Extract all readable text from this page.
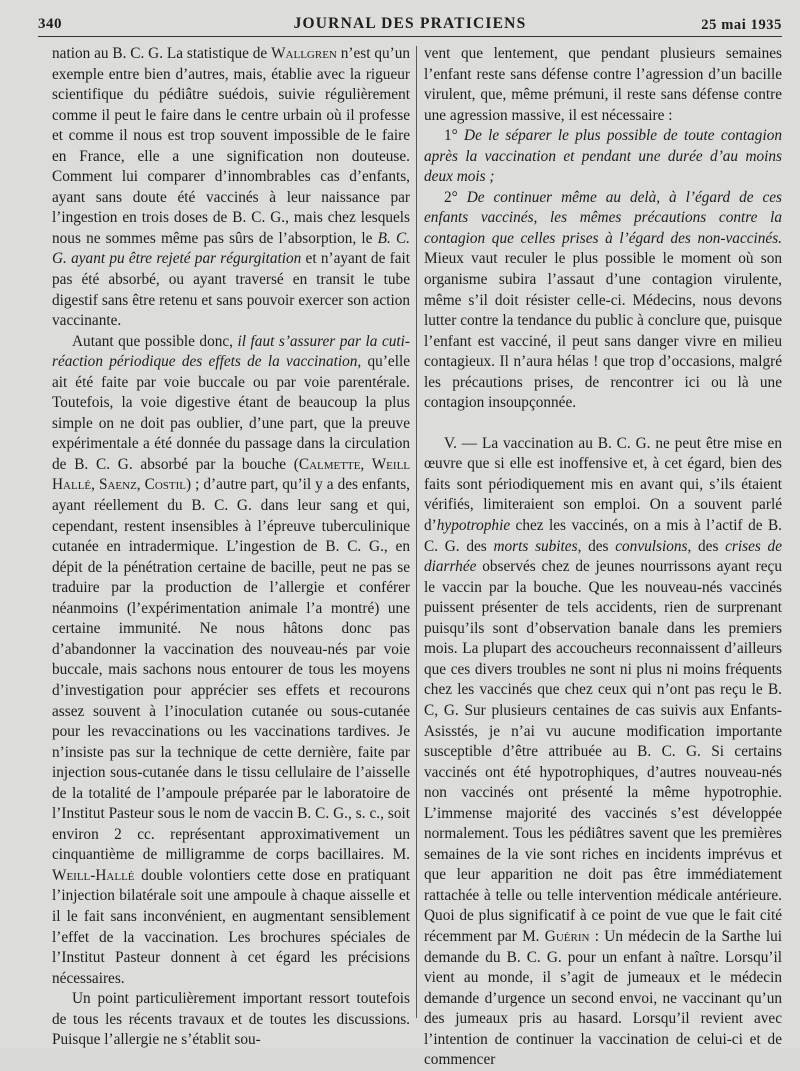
340	JOURNAL DES PRATICIENS	25 mai 1935

nation au B. C. G. La statistique de Wallgren n’est qu’un exemple entre bien d’autres, mais, établie avec la rigueur scientifique du pédiâtre suédois, suivie régulièrement comme il peut le faire dans le centre urbain où il professe et comme il nous est trop souvent impossible de le faire en France, elle a une signification non douteuse. Comment lui comparer d’innombrables cas d’enfants, ayant sans doute été vaccinés à leur naissance par l’ingestion en trois doses de B. C. G., mais chez lesquels nous ne sommes même pas sûrs de l’absorption, le B. C. G. ayant pu être rejeté par régurgitation et n’ayant de fait pas été absorbé, ou ayant traversé en transit le tube digestif sans être retenu et sans pouvoir exercer son action vaccinante.

Autant que possible donc, il faut s’assurer par la cuti-réaction périodique des effets de la vaccination, qu’elle ait été faite par voie buccale ou par voie parentérale. Toutefois, la voie digestive étant de beaucoup la plus simple on ne doit pas oublier, d’une part, que la preuve expérimentale a été donnée du passage dans la circulation de B. C. G. absorbé par la bouche (Calmette, Weill Hallé, Saenz, Costil) ; d’autre part, qu’il y a des enfants, ayant réellement du B. C. G. dans leur sang et qui, cependant, restent insensibles à l’épreuve tuberculinique cutanée en intradermique. L’ingestion de B. C. G., en dépit de la pénétration certaine de bacille, peut ne pas se traduire par la production de l’allergie et conférer néanmoins (l’expérimentation animale l’a montré) une certaine immunité. Ne nous hâtons donc pas d’abandonner la vaccination des nouveau-nés par voie buccale, mais sachons nous entourer de tous les moyens d’investigation pour apprécier ses effets et recourons assez souvent à l’inoculation cutanée ou sous-cutanée pour les revaccinations ou les vaccinations tardives. Je n’insiste pas sur la technique de cette dernière, faite par injection sous-cutanée dans le tissu cellulaire de l’aisselle de la totalité de l’ampoule préparée par le laboratoire de l’Institut Pasteur sous le nom de vaccin B. C. G., s. c., soit environ 2 cc. représentant approximativement un cinquantième de milligramme de corps bacillaires. M. Weill-Hallé double volontiers cette dose en pratiquant l’injection bilatérale soit une ampoule à chaque aisselle et il le fait sans inconvénient, en augmentant sensiblement l’effet de la vaccination. Les brochures spéciales de l’Institut Pasteur donnent à cet égard les précisions nécessaires.

Un point particulièrement important ressort toutefois de tous les récents travaux et de toutes les discussions. Puisque l’allergie ne s’établit sou-

vent que lentement, que pendant plusieurs semaines l’enfant reste sans défense contre l’agression d’un bacille virulent, que, même prémuni, il reste sans défense contre une agression massive, il est nécessaire :

1° De le séparer le plus possible de toute contagion après la vaccination et pendant une durée d’au moins deux mois ;

2° De continuer même au delà, à l’égard de ces enfants vaccinés, les mêmes précautions contre la contagion que celles prises à l’égard des non-vaccinés. Mieux vaut reculer le plus possible le moment où son organisme subira l’assaut d’une contagion virulente, même s’il doit résister celle-ci. Médecins, nous devons lutter contre la tendance du public à conclure que, puisque l’enfant est vacciné, il peut sans danger vivre en milieu contagieux. Il n’aura hélas ! que trop d’occasions, malgré les précautions prises, de rencontrer ici ou là une contagion insoupçonnée.

V. — La vaccination au B. C. G. ne peut être mise en œuvre que si elle est inoffensive et, à cet égard, bien des faits sont périodiquement mis en avant qui, s’ils étaient vérifiés, limiteraient son emploi. On a souvent parlé d’hypotrophie chez les vaccinés, on a mis à l’actif de B. C. G. des morts subites, des convulsions, des crises de diarrhée observés chez de jeunes nourrissons ayant reçu le vaccin par la bouche. Que les nouveau-nés vaccinés puissent présenter de tels accidents, rien de surprenant puisqu’ils sont d’observation banale dans les premiers mois. La plupart des accoucheurs reconnaissent d’ailleurs que ces divers troubles ne sont ni plus ni moins fréquents chez les vaccinés que chez ceux qui n’ont pas reçu le B. C, G. Sur plusieurs centaines de cas suivis aux Enfants-Asisstés, je n’ai vu aucune modification importante susceptible d’être attribuée au B. C. G. Si certains vaccinés ont été hypotrophiques, d’autres nouveau-nés non vaccinés ont présenté la même hypotrophie. L’immense majorité des vaccinés s’est développée normalement. Tous les pédiâtres savent que les premières semaines de la vie sont riches en incidents imprévus et que leur apparition ne doit pas être immédiatement rattachée à telle ou telle intervention médicale antérieure. Quoi de plus significatif à ce point de vue que le fait cité récemment par M. Guérin : Un médecin de la Sarthe lui demande du B. C. G. pour un enfant à naître. Lorsqu’il vient au monde, il s’agit de jumeaux et le médecin demande d’urgence un second envoi, ne vaccinant qu’un des jumeaux pris au hasard. Lorsqu’il revient avec l’intention de continuer la vaccination de celui-ci et de commencer
